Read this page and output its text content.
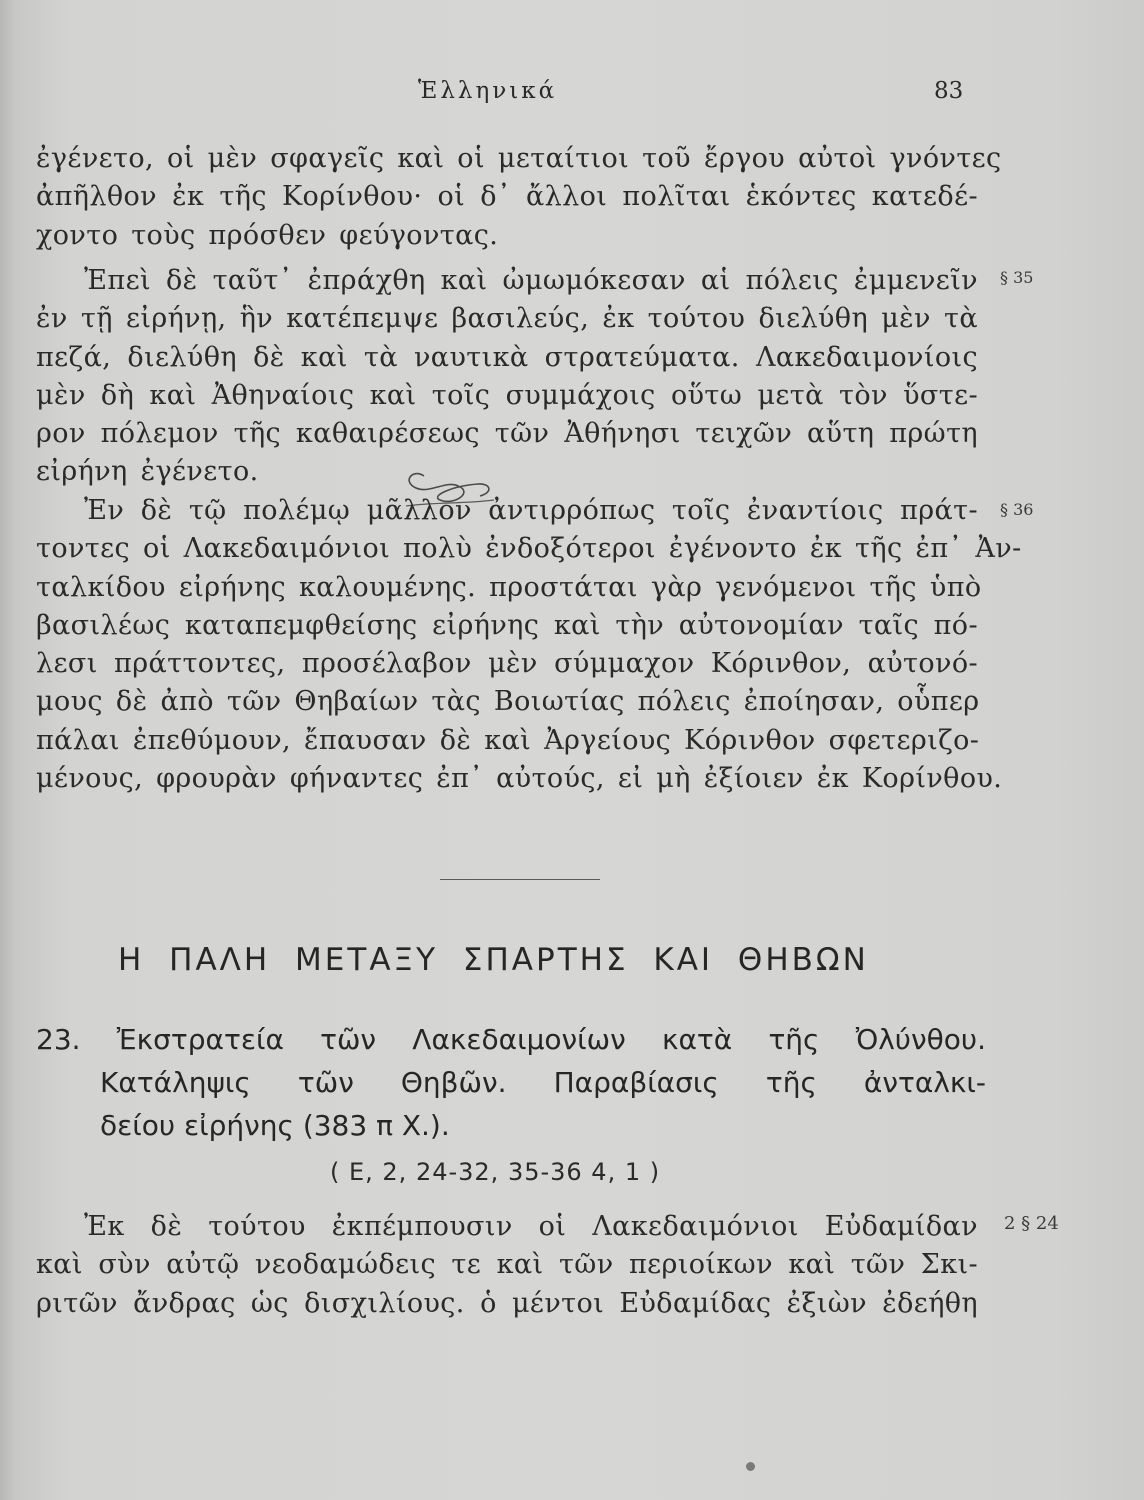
Ἑλληνικά	83
ἐγένετο, οἱ μὲν σφαγεῖς καὶ οἱ μεταίτιοι τοῦ ἔργου αὐτοὶ γνόντες
ἀπῆλθον ἐκ τῆς Κορίνθου· οἱ δ᾽ ἄλλοι πολῖται ἑκόντες κατεδέ-
χοντο τοὺς πρόσθεν φεύγοντας.
Ἐπεὶ δὲ ταῦτ᾽ ἐπράχθη καὶ ὠμωμόκεσαν αἱ πόλεις ἐμμενεῖν
ἐν τῇ εἰρήνῃ, ἣν κατέπεμψε βασιλεύς, ἐκ τούτου διελύθη μὲν τὰ
πεζά, διελύθη δὲ καὶ τὰ ναυτικὰ στρατεύματα. Λακεδαιμονίοις
μὲν δὴ καὶ Ἀθηναίοις καὶ τοῖς συμμάχοις οὕτω μετὰ τὸν ὕστε-
ρον πόλεμον τῆς καθαιρέσεως τῶν Ἀθήνησι τειχῶν αὕτη πρώτη
εἰρήνη ἐγένετο.
§ 35
Ἐν δὲ τῷ πολέμῳ μᾶλλον ἀντιρρόπως τοῖς ἐναντίοις πράτ-
τοντες οἱ Λακεδαιμόνιοι πολὺ ἐνδοξότεροι ἐγένοντο ἐκ τῆς ἐπ᾽ Ἀν-
ταλκίδου εἰρήνης καλουμένης. προστάται γὰρ γενόμενοι τῆς ὑπὸ
βασιλέως καταπεμφθείσης εἰρήνης καὶ τὴν αὐτονομίαν ταῖς πό-
λεσι πράττοντες, προσέλαβον μὲν σύμμαχον Κόρινθον, αὐτονό-
μους δὲ ἀπὸ τῶν Θηβαίων τὰς Βοιωτίας πόλεις ἐποίησαν, οὗπερ
πάλαι ἐπεθύμουν, ἔπαυσαν δὲ καὶ Ἀργείους Κόρινθον σφετεριζο-
μένους, φρουρὰν φήναντες ἐπ᾽ αὐτούς, εἰ μὴ ἐξίοιεν ἐκ Κορίνθου.
§ 36
Η ΠΑΛΗ ΜΕΤΑΞΥ ΣΠΑΡΤΗΣ ΚΑΙ ΘΗΒΩΝ
23. Ἐκστρατεία τῶν Λακεδαιμονίων κατὰ τῆς Ὀλύνθου.
Κατάληψις τῶν Θηβῶν. Παραβίασις τῆς ἀνταλκι-
δείου εἰρήνης (383 π Χ.).
( Ε, 2, 24-32, 35-36 4, 1 )
Ἐκ δὲ τούτου ἐκπέμπουσιν οἱ Λακεδαιμόνιοι Εὐδαμίδαν
καὶ σὺν αὐτῷ νεοδαμώδεις τε καὶ τῶν περιοίκων καὶ τῶν Σκι-
ριτῶν ἄνδρας ὡς δισχιλίους. ὁ μέντοι Εὐδαμίδας ἐξιὼν ἐδεήθη
2 § 24
